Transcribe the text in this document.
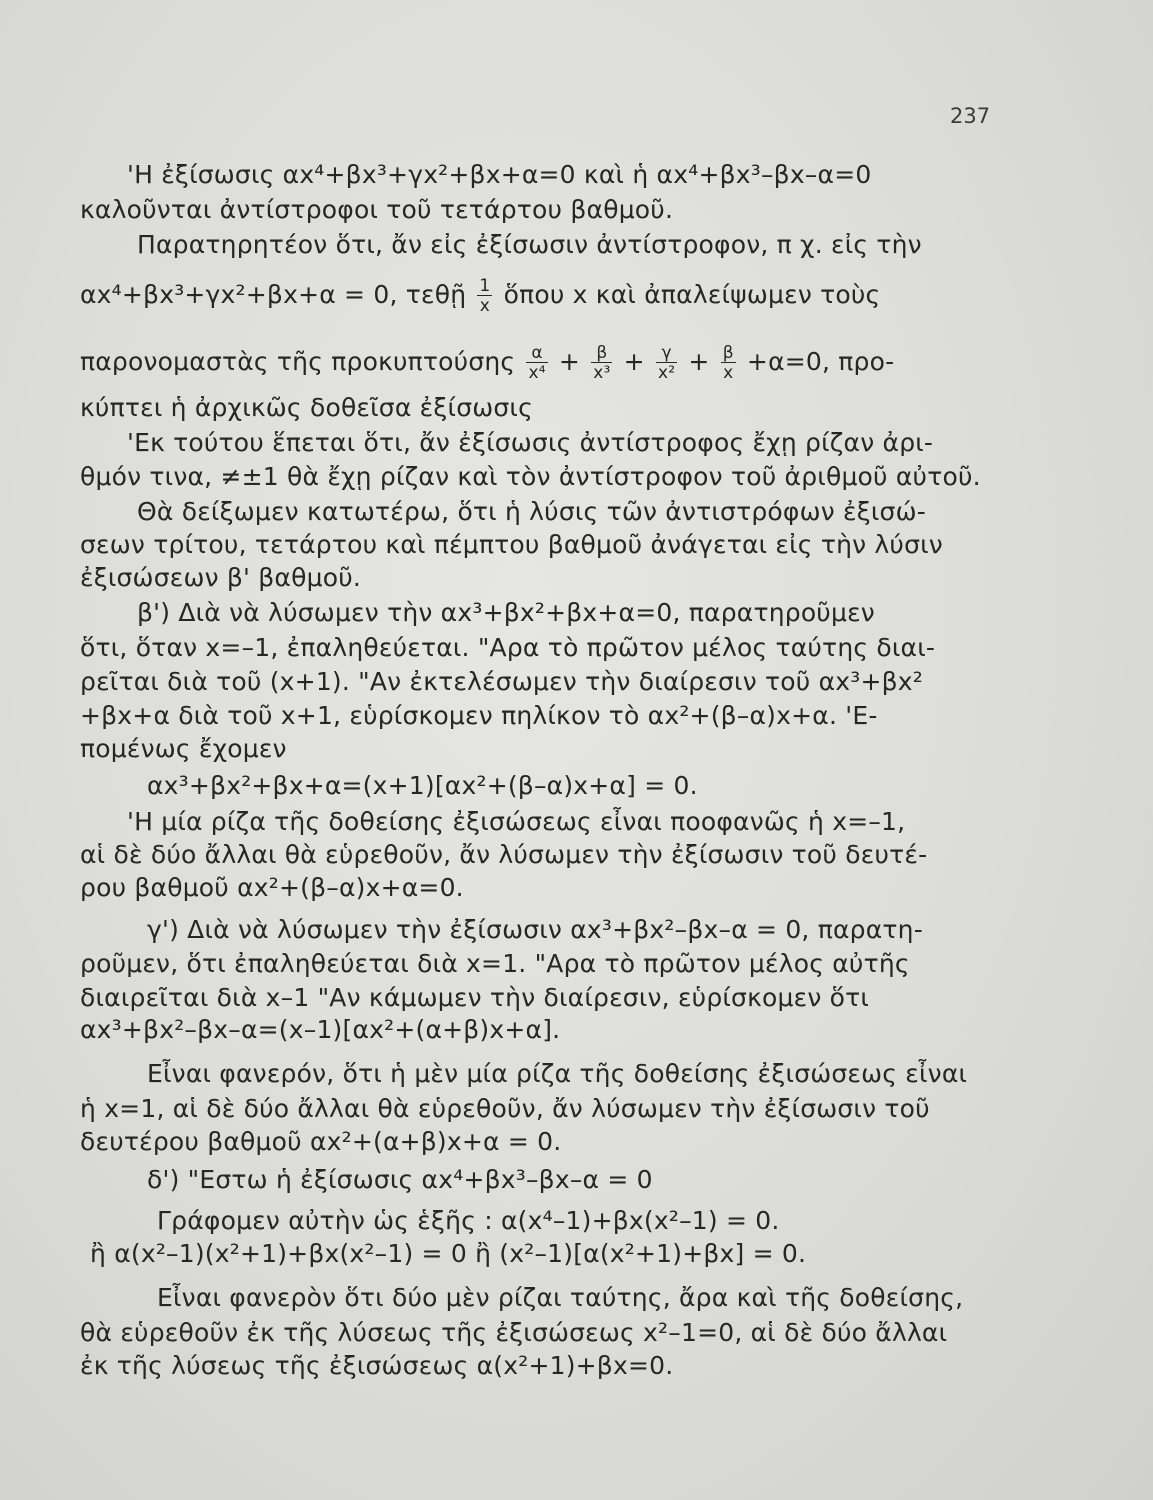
237
'Η ἐξίσωσις αx⁴+βx³+γx²+βx+α=0 καὶ ἡ αx⁴+βx³–βx–α=0
καλοῦνται ἀντίστροφοι τοῦ τετάρτου βαθμοῦ.
Παρατηρητέον ὅτι, ἄν εἰς ἐξίσωσιν ἀντίστροφον, π χ. εἰς τὴν
αx⁴+βx³+γx²+βx+α = 0, τεθῇ $\frac{1}{x}$ ὅπου x καὶ ἀπαλείψωμεν τοὺς
παρονομαστὰς τῆς προκυπτούσης $\frac{\alpha}{\text{x⁴}} + \frac{\beta}{\text{x³}} + \frac{\gamma}{\text{x²}} + \frac{\beta}{x} +\alpha=0$, προ-
κύπτει ἡ ἀρχικῶς δοθεῖσα ἐξίσωσις
'Εκ τούτου ἕπεται ὅτι, ἄν ἐξίσωσις ἀντίστροφος ἔχῃ ρίζαν ἀρι-
θμόν τινα, ≠±1 θὰ ἔχῃ ρίζαν καὶ τὸν ἀντίστροφον τοῦ ἀριθμοῦ αὐτοῦ.
Θὰ δείξωμεν κατωτέρω, ὅτι ἡ λύσις τῶν ἀντιστρόφων ἐξισώ-
σεων τρίτου, τετάρτου καὶ πέμπτου βαθμοῦ ἀνάγεται εἰς τὴν λύσιν
ἐξισώσεων β' βαθμοῦ.
β') Διὰ νὰ λύσωμεν τὴν αx³+βx²+βx+α=0, παρατηροῦμεν
ὅτι, ὅταν x=–1, ἐπαληθεύεται. "Αρα τὸ πρῶτον μέλος ταύτης διαι-
ρεῖται διὰ τοῦ (x+1). "Αν ἐκτελέσωμεν τὴν διαίρεσιν τοῦ αx³+βx²
+βx+α διὰ τοῦ x+1, εὑρίσκομεν πηλίκον τὸ αx²+(β–α)x+α. 'Ε-
πομένως ἔχομεν
αx³+βx²+βx+α=(x+1)[αx²+(β–α)x+α] = 0.
'Η μία ρίζα τῆς δοθείσης ἐξισώσεως εἶναι ποοφανῶς ἡ x=–1,
αἱ δὲ δύο ἄλλαι θὰ εὑρεθοῦν, ἄν λύσωμεν τὴν ἐξίσωσιν τοῦ δευτέ-
ρου βαθμοῦ αx²+(β–α)x+α=0.
γ') Διὰ νὰ λύσωμεν τὴν ἐξίσωσιν αx³+βx²–βx–α = 0, παρατη-
ροῦμεν, ὅτι ἐπαληθεύεται διὰ x=1. "Αρα τὸ πρῶτον μέλος αὐτῆς
διαιρεῖται διὰ x–1 "Αν κάμωμεν τὴν διαίρεσιν, εὑρίσκομεν ὅτι
αx³+βx²–βx–α=(x–1)[αx²+(α+β)x+α].
Εἶναι φανερόν, ὅτι ἡ μὲν μία ρίζα τῆς δοθείσης ἐξισώσεως εἶναι
ἡ x=1, αἱ δὲ δύο ἄλλαι θὰ εὑρεθοῦν, ἄν λύσωμεν τὴν ἐξίσωσιν τοῦ
δευτέρου βαθμοῦ αx²+(α+β)x+α = 0.
δ') "Εστω ἡ ἐξίσωσις αx⁴+βx³–βx–α = 0
Γράφομεν αὐτὴν ὡς ἑξῆς : α(x⁴–1)+βx(x²–1) = 0.
ἢ α(x²–1)(x²+1)+βx(x²–1) = 0 ἢ (x²–1)[α(x²+1)+βx] = 0.
Εἶναι φανερὸν ὅτι δύο μὲν ρίζαι ταύτης, ἄρα καὶ τῆς δοθείσης,
θὰ εὑρεθοῦν ἐκ τῆς λύσεως τῆς ἐξισώσεως x²–1=0, αἱ δὲ δύο ἄλλαι
ἐκ τῆς λύσεως τῆς ἐξισώσεως α(x²+1)+βx=0.
